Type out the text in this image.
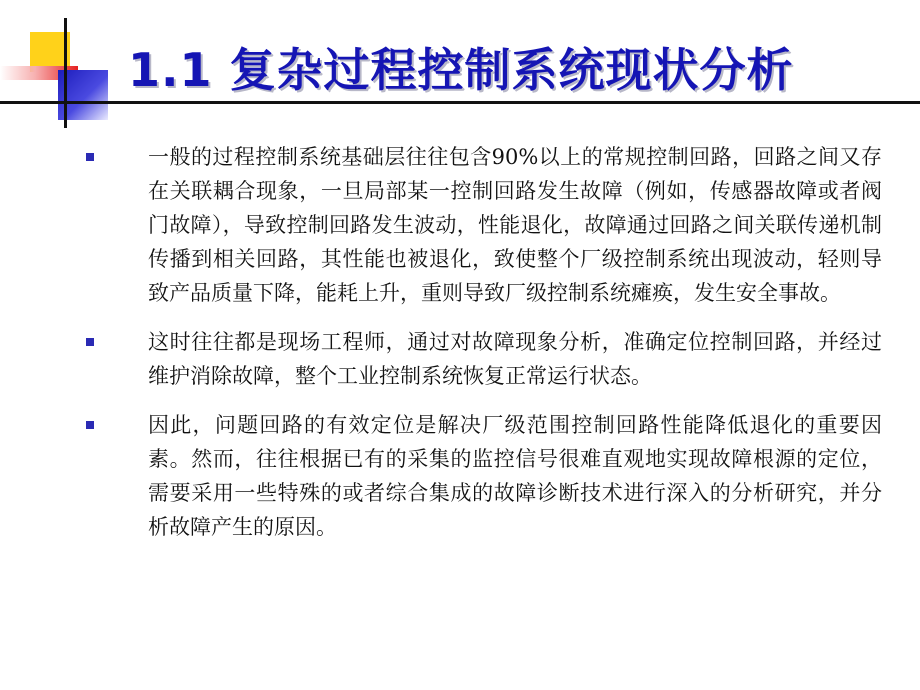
1.1 复杂过程控制系统现状分析
一般的过程控制系统基础层往往包含90%以上的常规控制回路，回路之间又存在关联耦合现象，一旦局部某一控制回路发生故障（例如，传感器故障或者阀门故障），导致控制回路发生波动，性能退化，故障通过回路之间关联传递机制传播到相关回路，其性能也被退化，致使整个厂级控制系统出现波动，轻则导致产品质量下降，能耗上升，重则导致厂级控制系统瘫痪，发生安全事故。
这时往往都是现场工程师，通过对故障现象分析，准确定位控制回路，并经过维护消除故障，整个工业控制系统恢复正常运行状态。
因此，问题回路的有效定位是解决厂级范围控制回路性能降低退化的重要因素。然而，往往根据已有的采集的监控信号很难直观地实现故障根源的定位，需要采用一些特殊的或者综合集成的故障诊断技术进行深入的分析研究，并分析故障产生的原因。
